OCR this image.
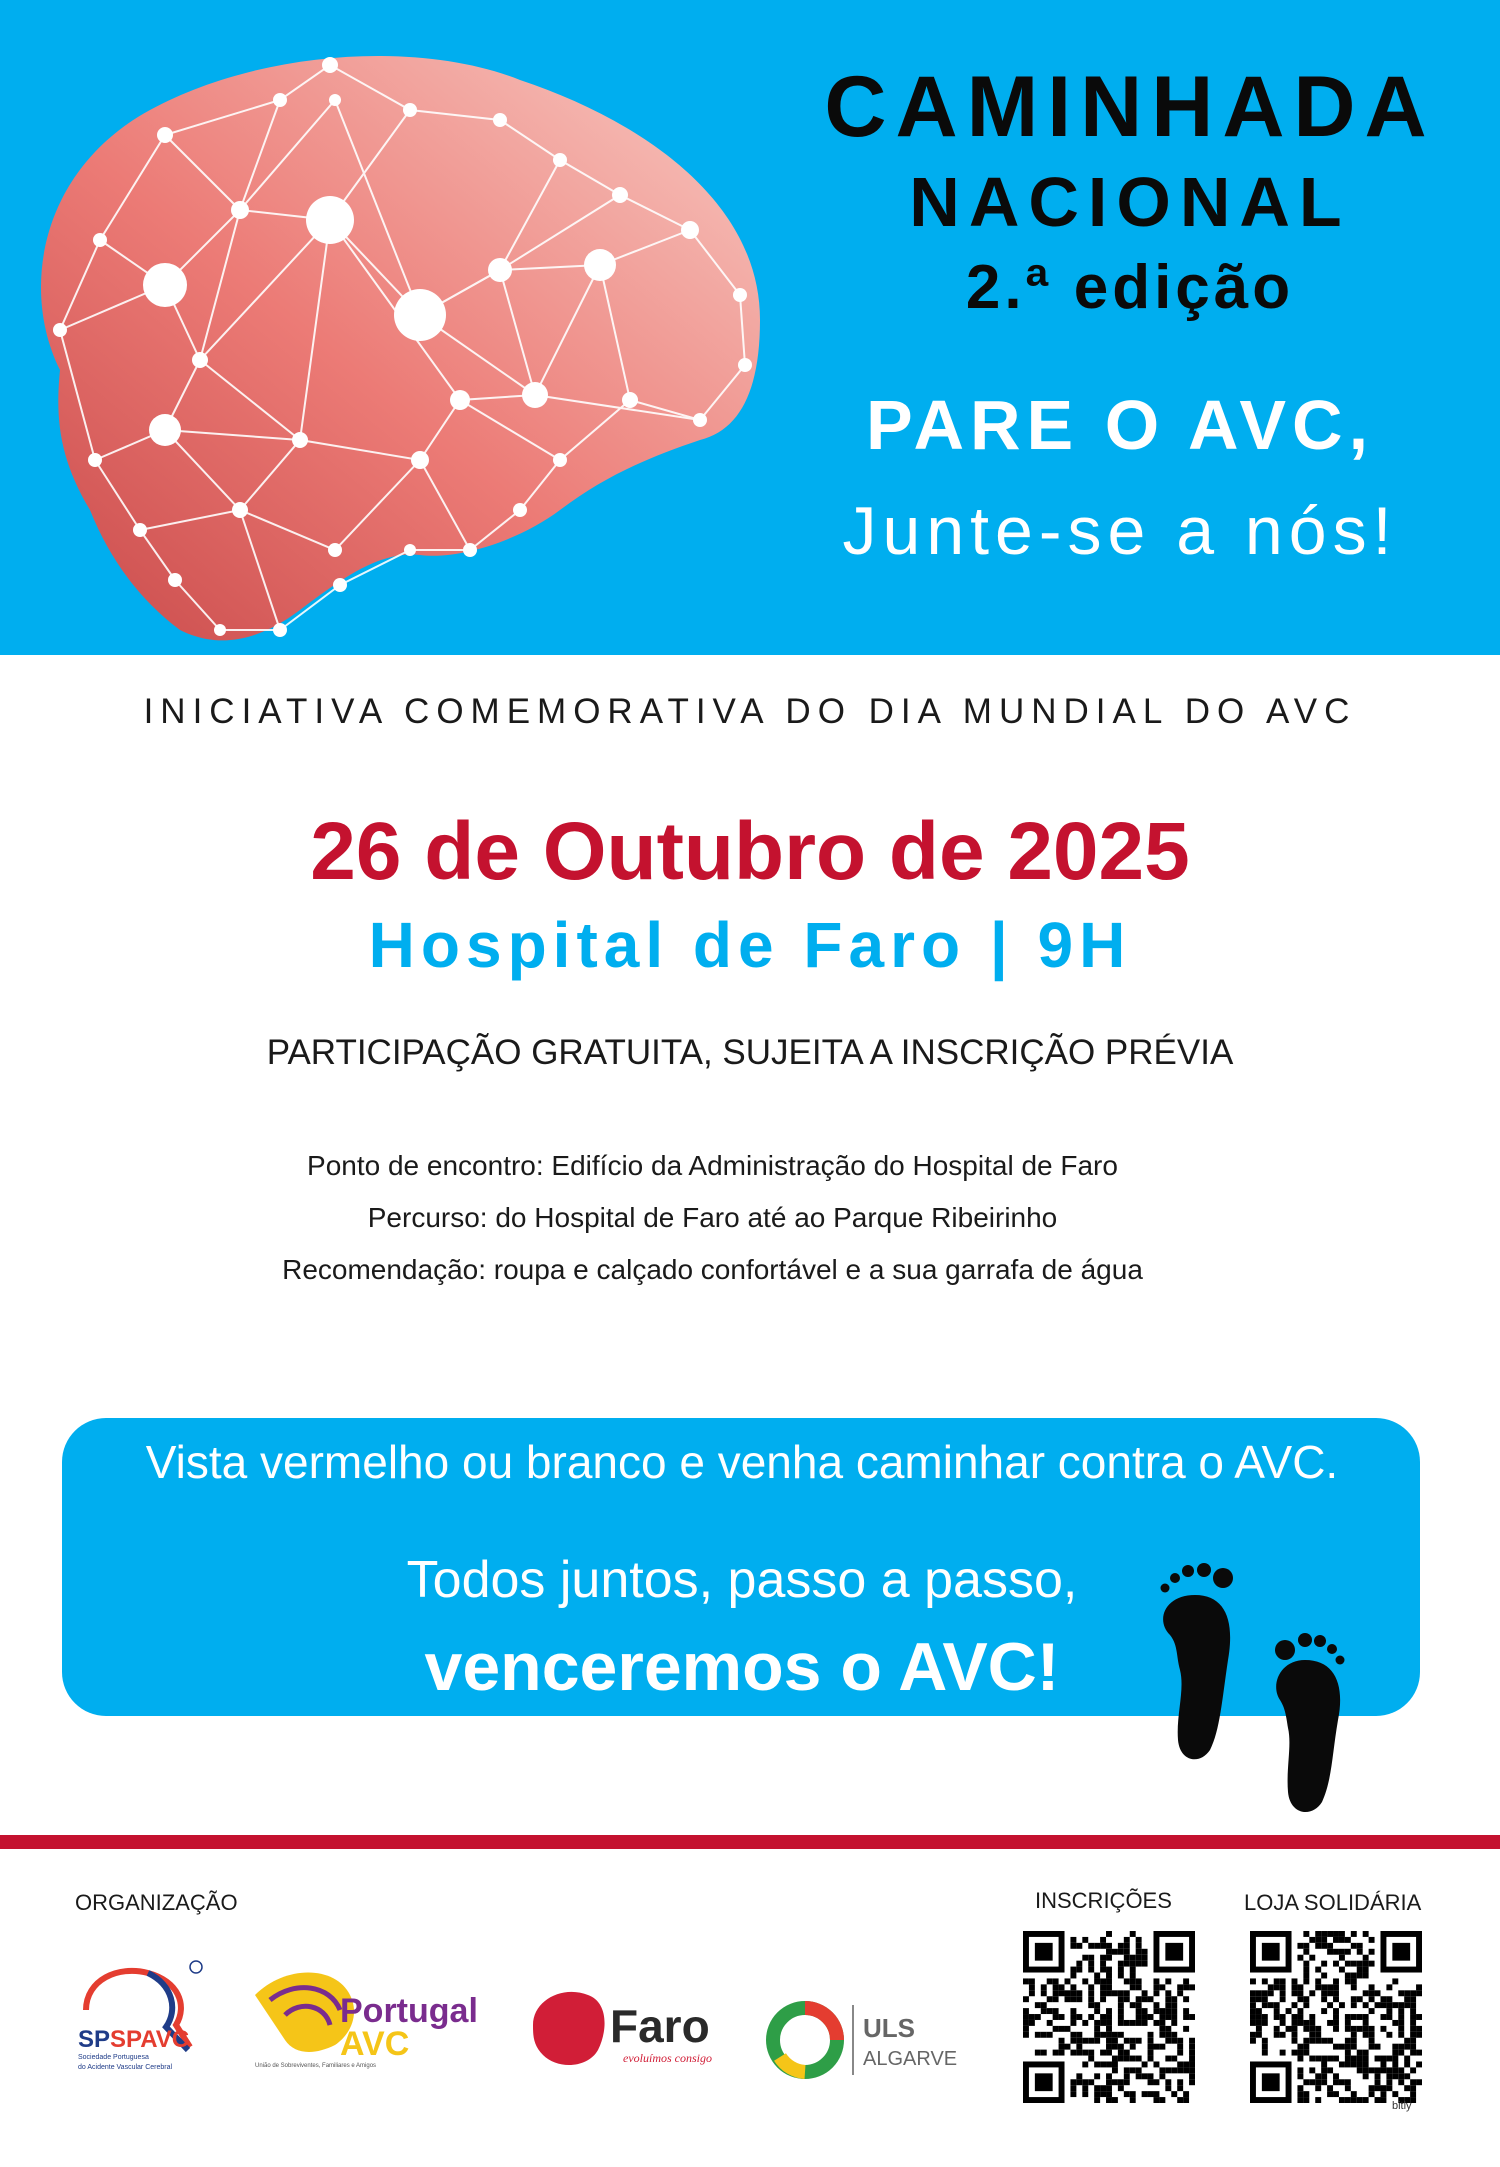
CAMINHADA
NACIONAL
2.ª edição
PARE O AVC,
Junte-se a nós!
INICIATIVA COMEMORATIVA DO DIA MUNDIAL DO AVC
26 de Outubro de 2025
Hospital de Faro | 9H
PARTICIPAÇÃO GRATUITA, SUJEITA A INSCRIÇÃO PRÉVIA
Ponto de encontro: Edifício da Administração do Hospital de Faro
Percurso: do Hospital de Faro até ao Parque Ribeirinho
Recomendação: roupa e calçado confortável e a sua garrafa de água
Vista vermelho ou branco e venha caminhar contra o AVC.
Todos juntos, passo a passo,
venceremos o AVC!
ORGANIZAÇÃO	INSCRIÇÕES	LOJA SOLIDÁRIA
SPSPAVC
Sociedade Portuguesa
do Acidente Vascular Cerebral
Portugal
AVC
União de Sobreviventes, Familiares e Amigos
Faro
evoluímos consigo
ULS
ALGARVE
bitly
